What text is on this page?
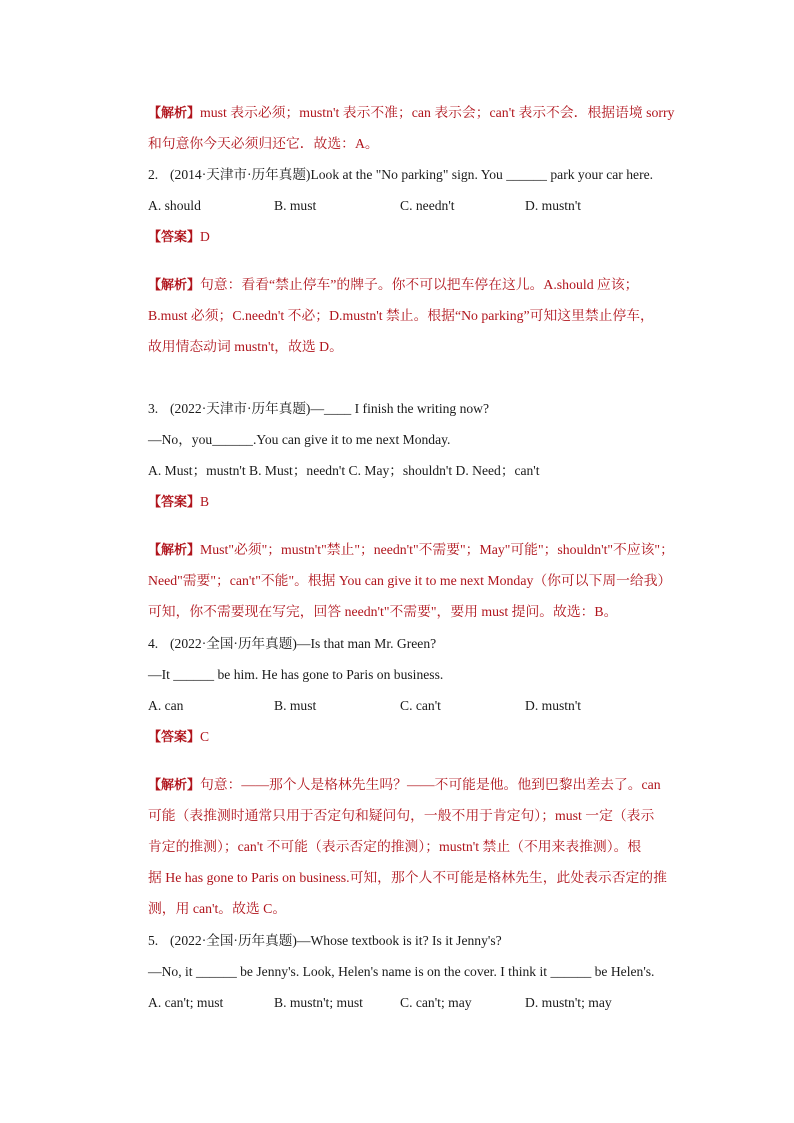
【解析】must 表示必须；mustn't 表示不准；can 表示会；can't 表示不会．根据语境 sorry
和句意你今天必须归还它．故选：A。
2. (2014·天津市·历年真题)Look at the "No parking" sign. You ______ park your car here.
A. should	B. must	C. needn't	D. mustn't
【答案】D
【解析】句意：看看“禁止停车”的牌子。你不可以把车停在这儿。A.should 应该；
B.must 必须；C.needn't 不必；D.mustn't 禁止。根据“No parking”可知这里禁止停车，
故用情态动词 mustn't，故选 D。
3. (2022·天津市·历年真题)—____ I finish the writing now?
—No，you______.You can give it to me next Monday.
A. Must；mustn't B. Must；needn't C. May；shouldn't D. Need；can't
【答案】B
【解析】Must"必须"；mustn't"禁止"；needn't"不需要"；May"可能"；shouldn't"不应该"；
Need"需要"；can't"不能"。根据 You can give it to me next Monday（你可以下周一给我）
可知，你不需要现在写完，回答 needn't"不需要"，要用 must 提问。故选：B。
4. (2022·全国·历年真题)—Is that man Mr. Green?
—It ______ be him. He has gone to Paris on business.
A. can	B. must	C. can't	D. mustn't
【答案】C
【解析】句意：——那个人是格林先生吗？——不可能是他。他到巴黎出差去了。can
可能（表推测时通常只用于否定句和疑问句，一般不用于肯定句）；must 一定（表示
肯定的推测）；can't 不可能（表示否定的推测）；mustn't 禁止（不用来表推测）。根
据 He has gone to Paris on business.可知，那个人不可能是格林先生，此处表示否定的推
测，用 can't。故选 C。
5. (2022·全国·历年真题)—Whose textbook is it? Is it Jenny's?
—No, it ______ be Jenny's. Look, Helen's name is on the cover. I think it ______ be Helen's.
A. can't; must	B. mustn't; must	C. can't; may	D. mustn't; may
